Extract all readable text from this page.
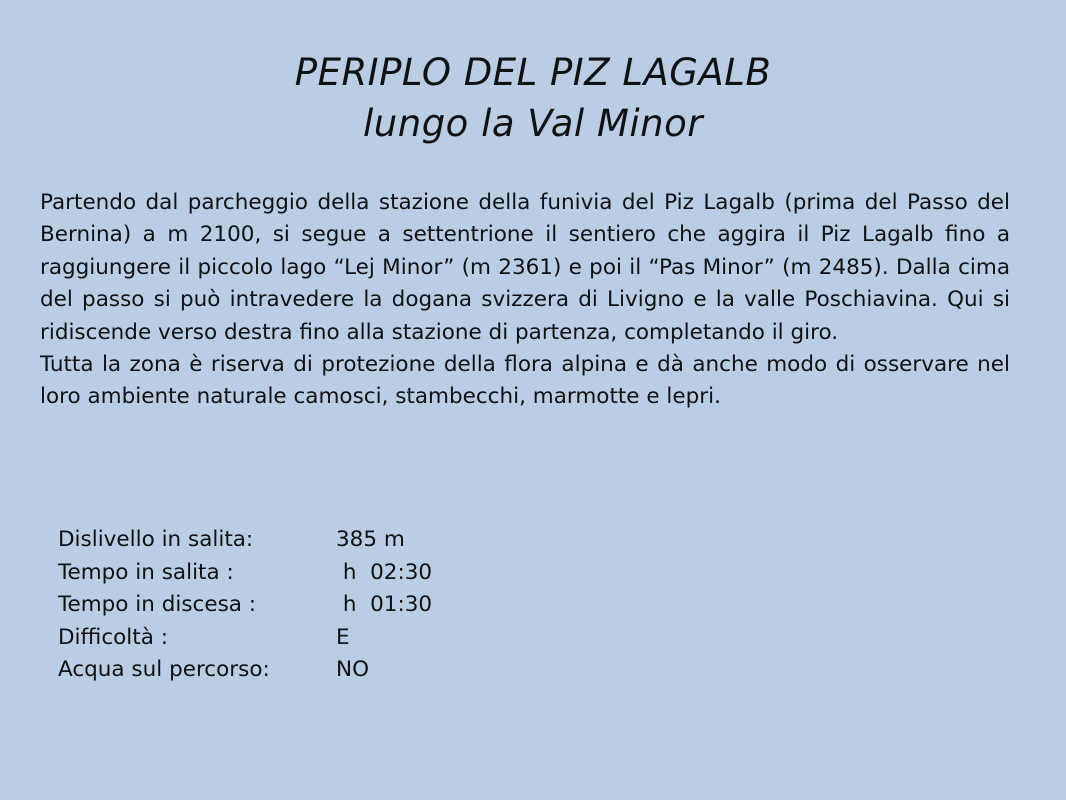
PERIPLO DEL PIZ LAGALB
lungo la Val Minor

Partendo dal parcheggio della stazione della funivia del Piz Lagalb (prima del Passo del Bernina) a m 2100, si segue a settentrione il sentiero che aggira il Piz Lagalb fino a raggiungere il piccolo lago “Lej Minor” (m 2361) e poi il “Pas Minor” (m 2485). Dalla cima del passo si può intravedere la dogana svizzera di Livigno e la valle Poschiavina. Qui si ridiscende verso destra fino alla stazione di partenza, completando il giro.

Tutta la zona è riserva di protezione della flora alpina e dà anche modo di osservare nel loro ambiente naturale camosci, stambecchi, marmotte e lepri.

Dislivello in salita:	385 m
Tempo in salita :	h  02:30
Tempo in discesa :	h  01:30
Difficoltà :	E
Acqua sul percorso:	NO
